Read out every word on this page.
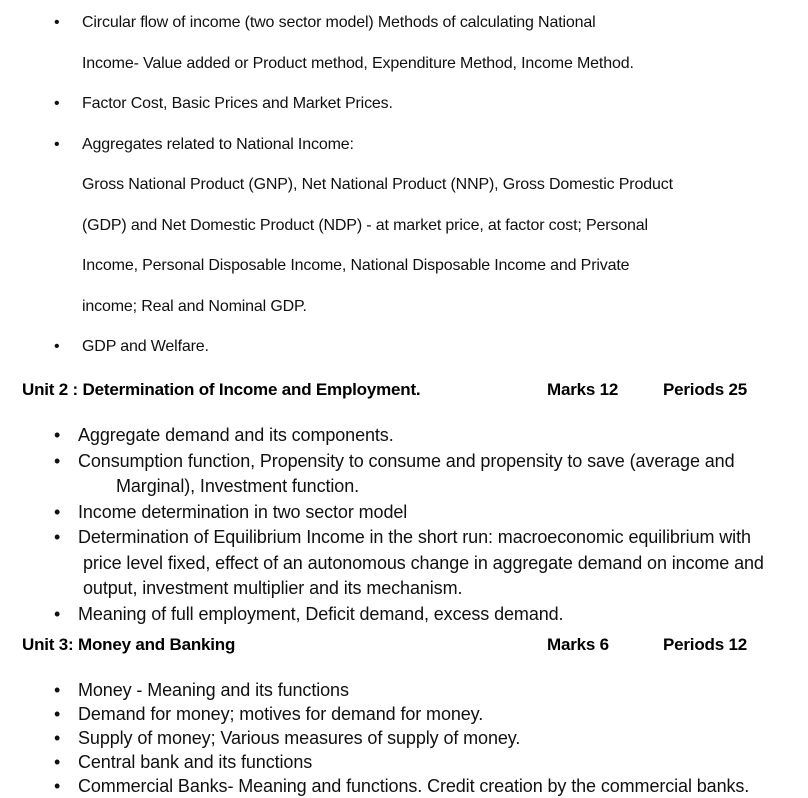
• Circular flow of income (two sector model) Methods of calculating National
Income- Value added or Product method, Expenditure Method, Income Method.
• Factor Cost, Basic Prices and Market Prices.
• Aggregates related to National Income:
Gross National Product (GNP), Net National Product (NNP), Gross Domestic Product
(GDP) and Net Domestic Product (NDP) - at market price, at factor cost; Personal
Income, Personal Disposable Income, National Disposable Income and Private
income; Real and Nominal GDP.
• GDP and Welfare.
Unit 2 : Determination of Income and Employment.	Marks 12	Periods 25
• Aggregate demand and its components.
• Consumption function, Propensity to consume and propensity to save (average and
Marginal), Investment function.
• Income determination in two sector model
• Determination of Equilibrium Income in the short run: macroeconomic equilibrium with
price level fixed, effect of an autonomous change in aggregate demand on income and
output, investment multiplier and its mechanism.
• Meaning of full employment, Deficit demand, excess demand.
Unit 3: Money and Banking	Marks 6	Periods 12
• Money - Meaning and its functions
• Demand for money; motives for demand for money.
• Supply of money; Various measures of supply of money.
• Central bank and its functions
• Commercial Banks- Meaning and functions. Credit creation by the commercial banks.
